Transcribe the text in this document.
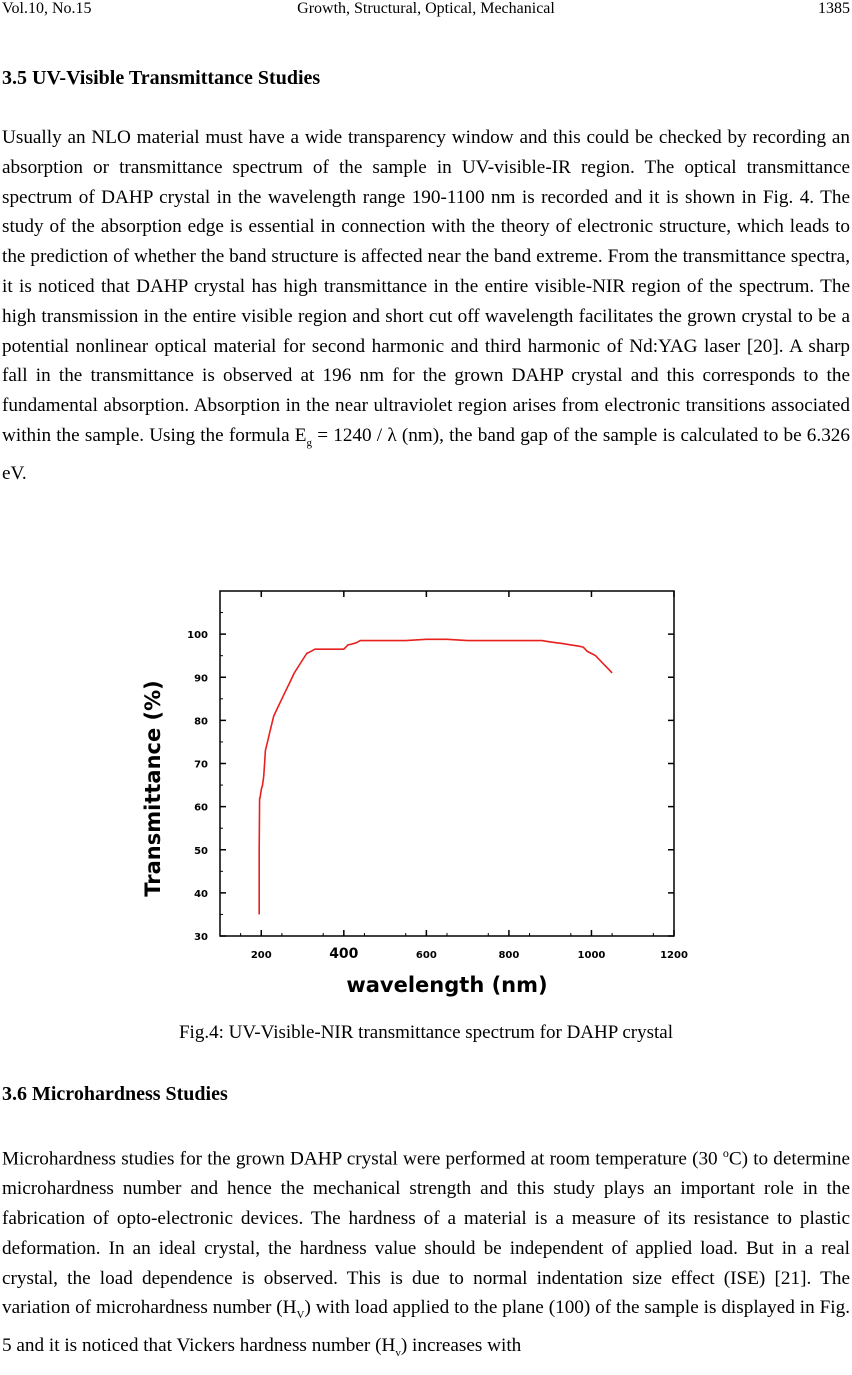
Vol.10, No.15	Growth, Structural, Optical, Mechanical	1385
3.5 UV-Visible Transmittance Studies

Usually an NLO material must have a wide transparency window and this could be checked by recording an absorption or transmittance spectrum of the sample in UV-visible-IR region. The optical transmittance spectrum of DAHP crystal in the wavelength range 190-1100 nm is recorded and it is shown in Fig. 4. The study of the absorption edge is essential in connection with the theory of electronic structure, which leads to the prediction of whether the band structure is affected near the band extreme. From the transmittance spectra, it is noticed that DAHP crystal has high transmittance in the entire visible-NIR region of the spectrum. The high transmission in the entire visible region and short cut off wavelength facilitates the grown crystal to be a potential nonlinear optical material for second harmonic and third harmonic of Nd:YAG laser [20]. A sharp fall in the transmittance is observed at 196 nm for the grown DAHP crystal and this corresponds to the fundamental absorption. Absorption in the near ultraviolet region arises from electronic transitions associated within the sample. Using the formula $E_g = 1240 / \lambda$ (nm), the band gap of the sample is calculated to be 6.326 eV.

200	400	600	800	1000	1200
30
40
50
60
70
80
90
100
wavelength (nm)
Transmittance (%)
Fig.4: UV-Visible-NIR transmittance spectrum for DAHP crystal
3.6 Microhardness Studies

Microhardness studies for the grown DAHP crystal were performed at room temperature (30 $^o$C) to determine microhardness number and hence the mechanical strength and this study plays an important role in the fabrication of opto-electronic devices. The hardness of a material is a measure of its resistance to plastic deformation. In an ideal crystal, the hardness value should be independent of applied load. But in a real crystal, the load dependence is observed. This is due to normal indentation size effect (ISE) [21]. The variation of microhardness number $(H_V)$ with load applied to the plane (100) of the sample is displayed in Fig. 5 and it is noticed that Vickers hardness number $(H_v)$ increases with
